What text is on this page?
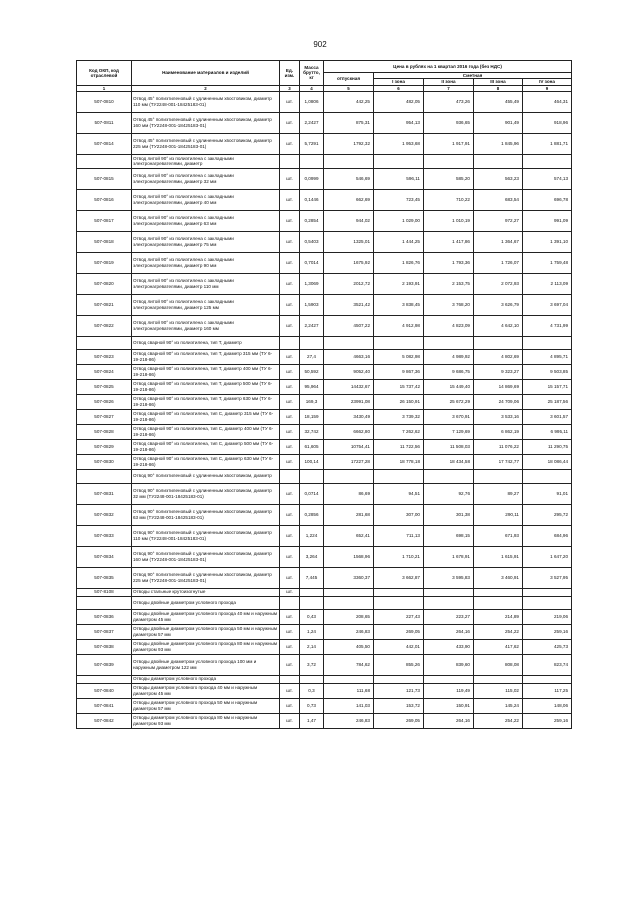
902
Код ОКП, код отраслевой	Наименование материалов и изделий	Ед. изм.	Масса брутто, кг	Цена в рублях на 1 квартал 2016 года (без НДС)				
				отпускная	Сметная			
					I зона	II зона	III зона	IV зона
1	2	3	4	5	6	7	8	9
507-0810	Отвод 45° полиэтиленовый с удлиненным хвостовиком, диаметр 110 мм (ТУ2248-001-18425183-01)	шт.	1,0806	442,25	482,05	473,26	455,49	464,31
507-0811	Отвод 45° полиэтиленовый с удлиненным хвостовиком, диаметр 160 мм (ТУ2248-001-18425183-01)	шт.	2,2427	875,31	954,13	936,65	901,49	918,96
507-0814	Отвод 45° полиэтиленовый с удлиненным хвостовиком, диаметр 225 мм (ТУ2248-001-18425183-01)	шт.	5,7291	1792,32	1 953,68	1 917,91	1 845,96	1 881,71
	Отвод литой 90° из полиэтилена с закладными электронагревателями, диаметр							
507-0815	Отвод литой 90° из полиэтилена с закладными электронагревателями, диаметр 32 мм	шт.	0,0999	546,69	596,11	585,20	563,23	574,13
507-0816	Отвод литой 90° из полиэтилена с закладными электронагревателями, диаметр 40 мм	шт.	0,1446	662,69	723,45	710,22	683,54	696,78
507-0817	Отвод литой 90° из полиэтилена с закладными электронагревателями, диаметр 63 мм	шт.	0,2854	944,02	1 029,00	1 010,19	972,27	991,09
507-0818	Отвод литой 90° из полиэтилена с закладными электронагревателями, диаметр 75 мм	шт.	0,5403	1325,01	1 444,25	1 417,86	1 364,67	1 391,10
507-0819	Отвод литой 90° из полиэтилена с закладными электронагревателями, диаметр 90 мм	шт.	0,7014	1675,92	1 826,76	1 793,36	1 726,07	1 759,48
507-0820	Отвод литой 90° из полиэтилена с закладными электронагревателями, диаметр 110 мм	шт.	1,3069	2012,72	2 193,91	2 153,75	2 072,93	2 113,09
507-0821	Отвод литой 90° из полиэтилена с закладными электронагревателями, диаметр 125 мм	шт.	1,5903	3521,42	3 838,45	3 768,20	3 626,79	3 697,04
507-0822	Отвод литой 90° из полиэтилена с закладными электронагревателями, диаметр 160 мм	шт.	2,2427	4507,22	4 912,98	4 823,09	4 642,10	4 731,99
	Отвод сварной 90° из полиэтилена, тип Т, диаметр							
507-0823	Отвод сварной 90° из полиэтилена, тип Т, диаметр 315 мм (ТУ 6-19-218-86)	шт.	27,4	4663,16	5 082,98	4 989,92	4 802,69	4 895,71
507-0824	Отвод сварной 90° из полиэтилена, тип Т, диаметр 400 мм (ТУ 6-19-218-86)	шт.	50,592	9052,40	9 867,36	9 686,75	9 323,27	9 503,85
507-0825	Отвод сварной 90° из полиэтилена, тип Т, диаметр 500 мм (ТУ 6-19-218-86)	шт.	95,964	14432,67	15 737,42	15 449,40	14 869,69	15 157,71
507-0826	Отвод сварной 90° из полиэтилена, тип Т, диаметр 630 мм (ТУ 6-19-218-86)	шт.	169,3	23991,08	26 150,91	25 672,29	24 709,06	25 187,56
507-0827	Отвод сварной 90° из полиэтилена, тип С, диаметр 315 мм (ТУ 6-19-218-86)	шт.	18,159	3430,49	3 739,32	3 670,91	3 533,16	3 601,57
507-0828	Отвод сварной 90° из полиэтилена, тип С, диаметр 400 мм (ТУ 6-19-218-86)	шт.	32,742	6662,80	7 262,62	7 129,69	6 862,19	6 995,11
507-0829	Отвод сварной 90° из полиэтилена, тип С, диаметр 500 мм (ТУ 6-19-218-86)	шт.	61,605	10754,41	11 722,56	11 508,03	11 076,22	11 290,75
507-0830	Отвод сварной 90° из полиэтилена, тип С, диаметр 630 мм (ТУ 6-19-218-86)	шт.	100,14	17227,28	18 778,18	18 434,58	17 742,77	18 086,44
	Отвод 90° полиэтиленовый с удлиненным хвостовиком, диаметр							
507-0831	Отвод 90° полиэтиленовый с удлиненным хвостовиком, диаметр 32 мм (ТУ2248-001-18425183-01)	шт.	0,0714	86,69	94,51	92,76	89,27	91,01
507-0832	Отвод 90° полиэтиленовый с удлиненным хвостовиком, диаметр 63 мм (ТУ2248-001-18425183-01)	шт.	0,2856	281,68	307,00	301,38	290,11	295,72
507-0833	Отвод 90° полиэтиленовый с удлиненным хвостовиком, диаметр 110 мм (ТУ2248-001-18425183-01)	шт.	1,224	652,41	711,13	698,15	671,93	684,96
507-0834	Отвод 90° полиэтиленовый с удлиненным хвостовиком, диаметр 160 мм (ТУ2248-001-18425183-01)	шт.	3,264	1568,96	1 710,21	1 678,91	1 615,91	1 647,20
507-0835	Отвод 90° полиэтиленовый с удлиненным хвостовиком, диаметр 225 мм (ТУ2248-001-18425183-01)	шт.	7,445	3360,37	3 662,87	3 595,83	3 460,91	3 527,95
507-8108	Отводы стальные крутоизогнутые	шт.						
	Отводы двойные диаметром условного прохода							
507-0836	Отводы двойные диаметром условного прохода 40 мм и наружным диаметром 45 мм	шт.	0,43	208,65	227,43	223,27	214,89	219,06
507-0837	Отводы двойные диаметром условного прохода 50 мм и наружным диаметром 57 мм	шт.	1,24	246,83	269,05	264,16	254,22	259,16
507-0838	Отводы двойные диаметром условного прохода 80 мм и наружным диаметром 93 мм	шт.	2,14	405,50	442,01	433,90	417,62	425,73
507-0839	Отводы двойные диаметром условного прохода 100 мм и наружным диаметром 122 мм	шт.	3,72	784,62	855,26	839,60	808,08	823,74
	Отводы диаметром условного прохода							
507-0840	Отводы диаметром условного прохода 40 мм и наружным диаметром 45 мм	шт.	0,3	111,68	121,73	119,49	115,02	117,25
507-0841	Отводы диаметром условного прохода 50 мм и наружным диаметром 57 мм	шт.	0,73	141,03	153,72	150,91	145,24	148,06
507-0842	Отводы диаметром условного прохода 80 мм и наружным диаметром 93 мм	шт.	1,47	246,83	269,05	264,16	254,22	259,16
